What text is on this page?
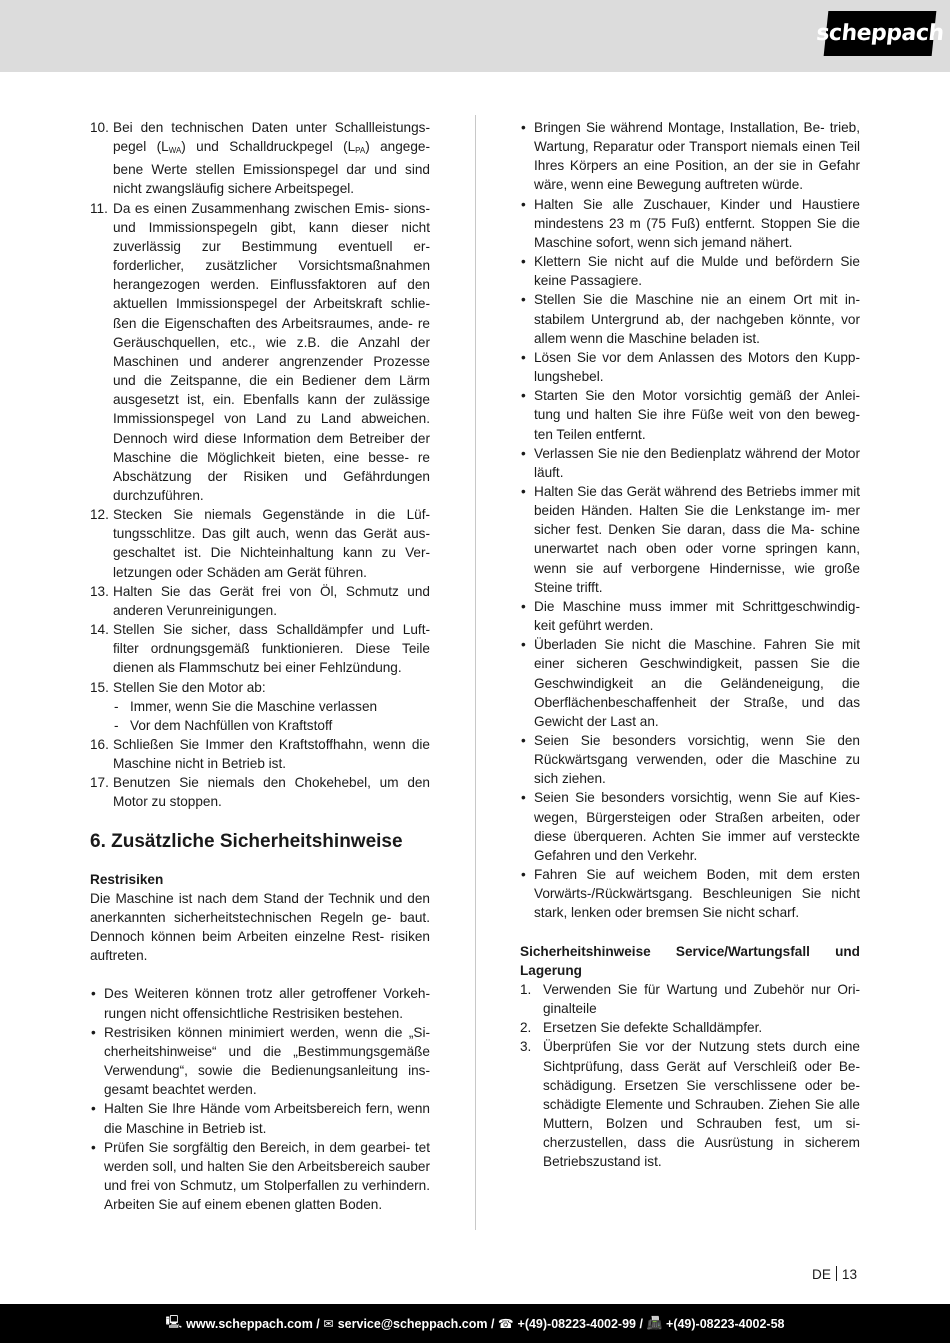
scheppach
10. Bei den technischen Daten unter Schallleistungs- pegel $(L_{WA})$ und Schalldruckpegel $(L_{PA})$ angege- bene Werte stellen Emissionspegel dar und sind nicht zwangsläufig sichere Arbeitspegel.
11. Da es einen Zusammenhang zwischen Emis- sions- und Immissionspegeln gibt, kann dieser nicht zuverlässig zur Bestimmung eventuell er- forderlicher, zusätzlicher Vorsichtsmaßnahmen herangezogen werden. Einflussfaktoren auf den aktuellen Immissionspegel der Arbeitskraft schlie- ßen die Eigenschaften des Arbeitsraumes, ande- re Geräuschquellen, etc., wie z.B. die Anzahl der Maschinen und anderer angrenzender Prozesse und die Zeitspanne, die ein Bediener dem Lärm ausgesetzt ist, ein. Ebenfalls kann der zulässige Immissionspegel von Land zu Land abweichen. Dennoch wird diese Information dem Betreiber der Maschine die Möglichkeit bieten, eine besse- re Abschätzung der Risiken und Gefährdungen durchzuführen.
12. Stecken Sie niemals Gegenstände in die Lüf- tungsschlitze. Das gilt auch, wenn das Gerät aus- geschaltet ist. Die Nichteinhaltung kann zu Ver- letzungen oder Schäden am Gerät führen.
13. Halten Sie das Gerät frei von Öl, Schmutz und anderen Verunreinigungen.
14. Stellen Sie sicher, dass Schalldämpfer und Luft- filter ordnungsgemäß funktionieren. Diese Teile dienen als Flammschutz bei einer Fehlzündung.
15. Stellen Sie den Motor ab:
- Immer, wenn Sie die Maschine verlassen
- Vor dem Nachfüllen von Kraftstoff
16. Schließen Sie Immer den Kraftstoffhahn, wenn die Maschine nicht in Betrieb ist.
17. Benutzen Sie niemals den Chokehebel, um den Motor zu stoppen.
6. Zusätzliche Sicherheitshinweise
Restrisiken

Die Maschine ist nach dem Stand der Technik und den anerkannten sicherheitstechnischen Regeln ge- baut. Dennoch können beim Arbeiten einzelne Rest- risiken auftreten.

• Des Weiteren können trotz aller getroffener Vorkeh- rungen nicht offensichtliche Restrisiken bestehen.
• Restrisiken können minimiert werden, wenn die „Si- cherheitshinweise“ und die „Bestimmungsgemäße Verwendung“, sowie die Bedienungsanleitung ins- gesamt beachtet werden.
• Halten Sie Ihre Hände vom Arbeitsbereich fern, wenn die Maschine in Betrieb ist.
• Prüfen Sie sorgfältig den Bereich, in dem gearbei- tet werden soll, und halten Sie den Arbeitsbereich sauber und frei von Schmutz, um Stolperfallen zu verhindern. Arbeiten Sie auf einem ebenen glatten Boden.
• Bringen Sie während Montage, Installation, Be- trieb, Wartung, Reparatur oder Transport niemals einen Teil Ihres Körpers an eine Position, an der sie in Gefahr wäre, wenn eine Bewegung auftreten würde.
• Halten Sie alle Zuschauer, Kinder und Haustiere mindestens 23 m (75 Fuß) entfernt. Stoppen Sie die Maschine sofort, wenn sich jemand nähert.
• Klettern Sie nicht auf die Mulde und befördern Sie keine Passagiere.
• Stellen Sie die Maschine nie an einem Ort mit in- stabilem Untergrund ab, der nachgeben könnte, vor allem wenn die Maschine beladen ist.
• Lösen Sie vor dem Anlassen des Motors den Kupp- lungshebel.
• Starten Sie den Motor vorsichtig gemäß der Anlei- tung und halten Sie ihre Füße weit von den beweg- ten Teilen entfernt.
• Verlassen Sie nie den Bedienplatz während der Motor läuft.
• Halten Sie das Gerät während des Betriebs immer mit beiden Händen. Halten Sie die Lenkstange im- mer sicher fest. Denken Sie daran, dass die Ma- schine unerwartet nach oben oder vorne springen kann, wenn sie auf verborgene Hindernisse, wie große Steine trifft.
• Die Maschine muss immer mit Schrittgeschwindig- keit geführt werden.
• Überladen Sie nicht die Maschine. Fahren Sie mit einer sicheren Geschwindigkeit, passen Sie die Geschwindigkeit an die Geländeneigung, die Oberflächenbeschaffenheit der Straße, und das Gewicht der Last an.
• Seien Sie besonders vorsichtig, wenn Sie den Rückwärtsgang verwenden, oder die Maschine zu sich ziehen.
• Seien Sie besonders vorsichtig, wenn Sie auf Kies- wegen, Bürgersteigen oder Straßen arbeiten, oder diese überqueren. Achten Sie immer auf versteckte Gefahren und den Verkehr.
• Fahren Sie auf weichem Boden, mit dem ersten Vorwärts-/Rückwärtsgang. Beschleunigen Sie nicht stark, lenken oder bremsen Sie nicht scharf.
Sicherheitshinweise Service/Wartungsfall und Lagerung
1. Verwenden Sie für Wartung und Zubehör nur Ori- ginalteile
2. Ersetzen Sie defekte Schalldämpfer.
3. Überprüfen Sie vor der Nutzung stets durch eine Sichtprüfung, dass Gerät auf Verschleiß oder Be- schädigung. Ersetzen Sie verschlissene oder be- schädigte Elemente und Schrauben. Ziehen Sie alle Muttern, Bolzen und Schrauben fest, um si- cherzustellen, dass die Ausrüstung in sicherem Betriebszustand ist.
DE 13
🖳 www.scheppach.com /
✉ service@scheppach.com /
☎ +(49)-08223-4002-99 /
📠 +(49)-08223-4002-58
